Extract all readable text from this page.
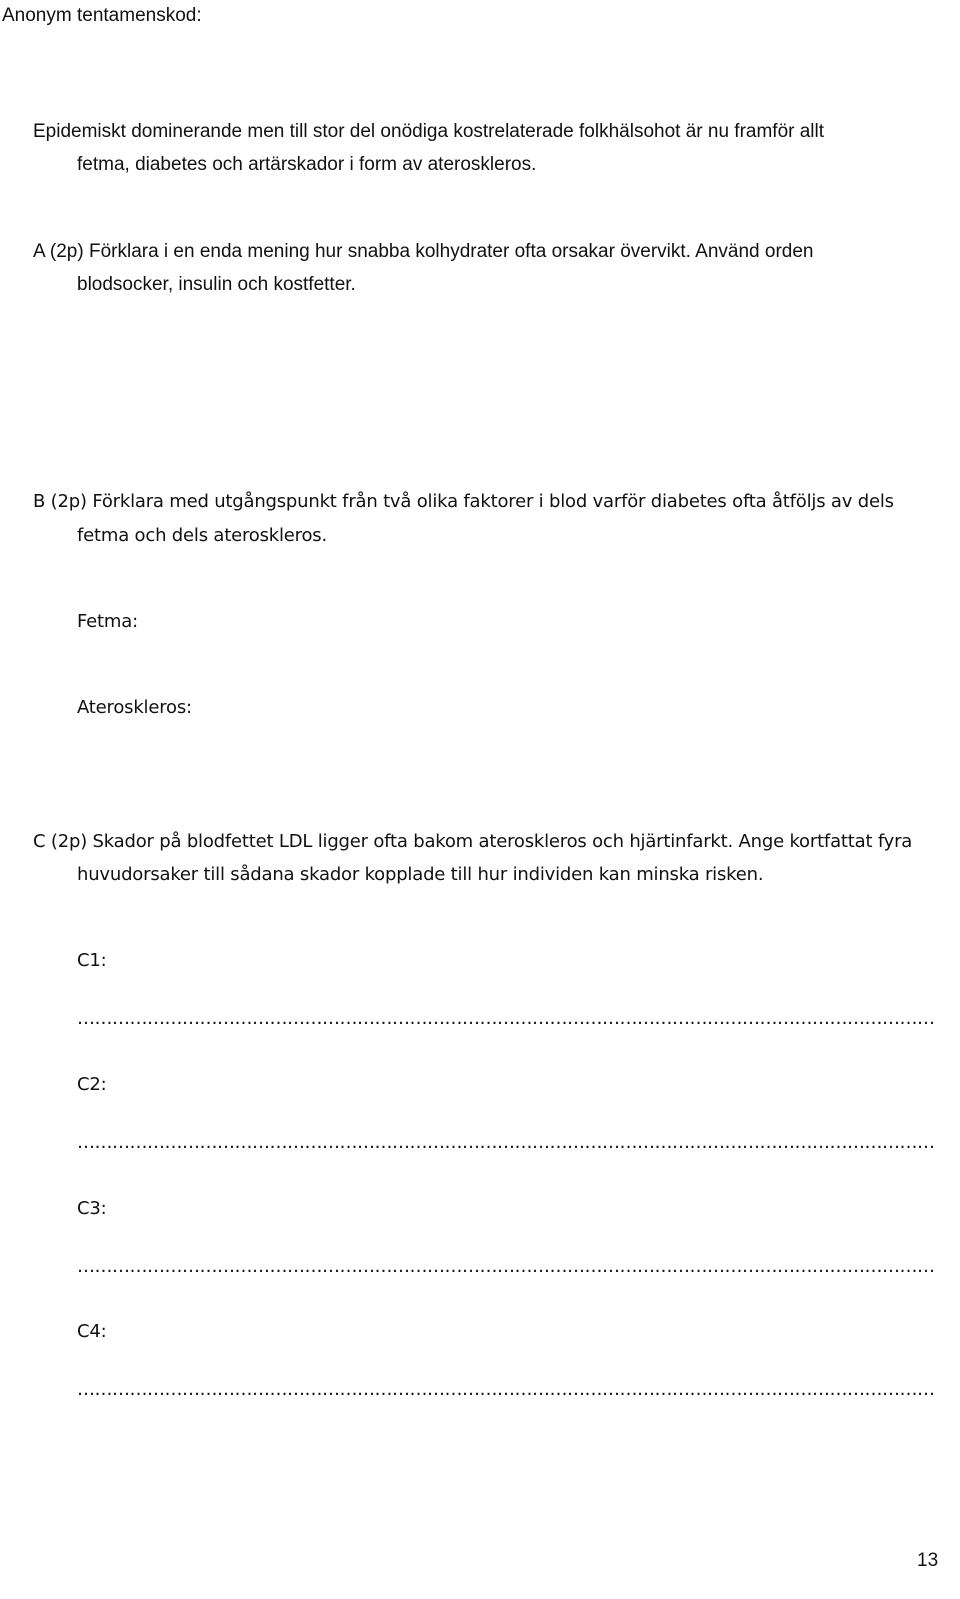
Anonym tentamenskod:
Epidemiskt dominerande men till stor del onödiga kostrelaterade folkhälsohot är nu framför allt
fetma, diabetes och artärskador i form av ateroskleros.
A (2p) Förklara i en enda mening hur snabba kolhydrater ofta orsakar övervikt. Använd orden
blodsocker, insulin och kostfetter.
B (2p) Förklara med utgångspunkt från två olika faktorer i blod varför diabetes ofta åtföljs av dels
fetma och dels ateroskleros.
Fetma:
Ateroskleros:
C (2p) Skador på blodfettet LDL ligger ofta bakom ateroskleros och hjärtinfarkt. Ange kortfattat fyra
huvudorsaker till sådana skador kopplade till hur individen kan minska risken.
C1:
…………………………………………………………………………………………………………………………………
C2:
…………………………………………………………………………………………………………………………………
C3:
…………………………………………………………………………………………………………………………………
C4:
…………………………………………………………………………………………………………………………………
13
